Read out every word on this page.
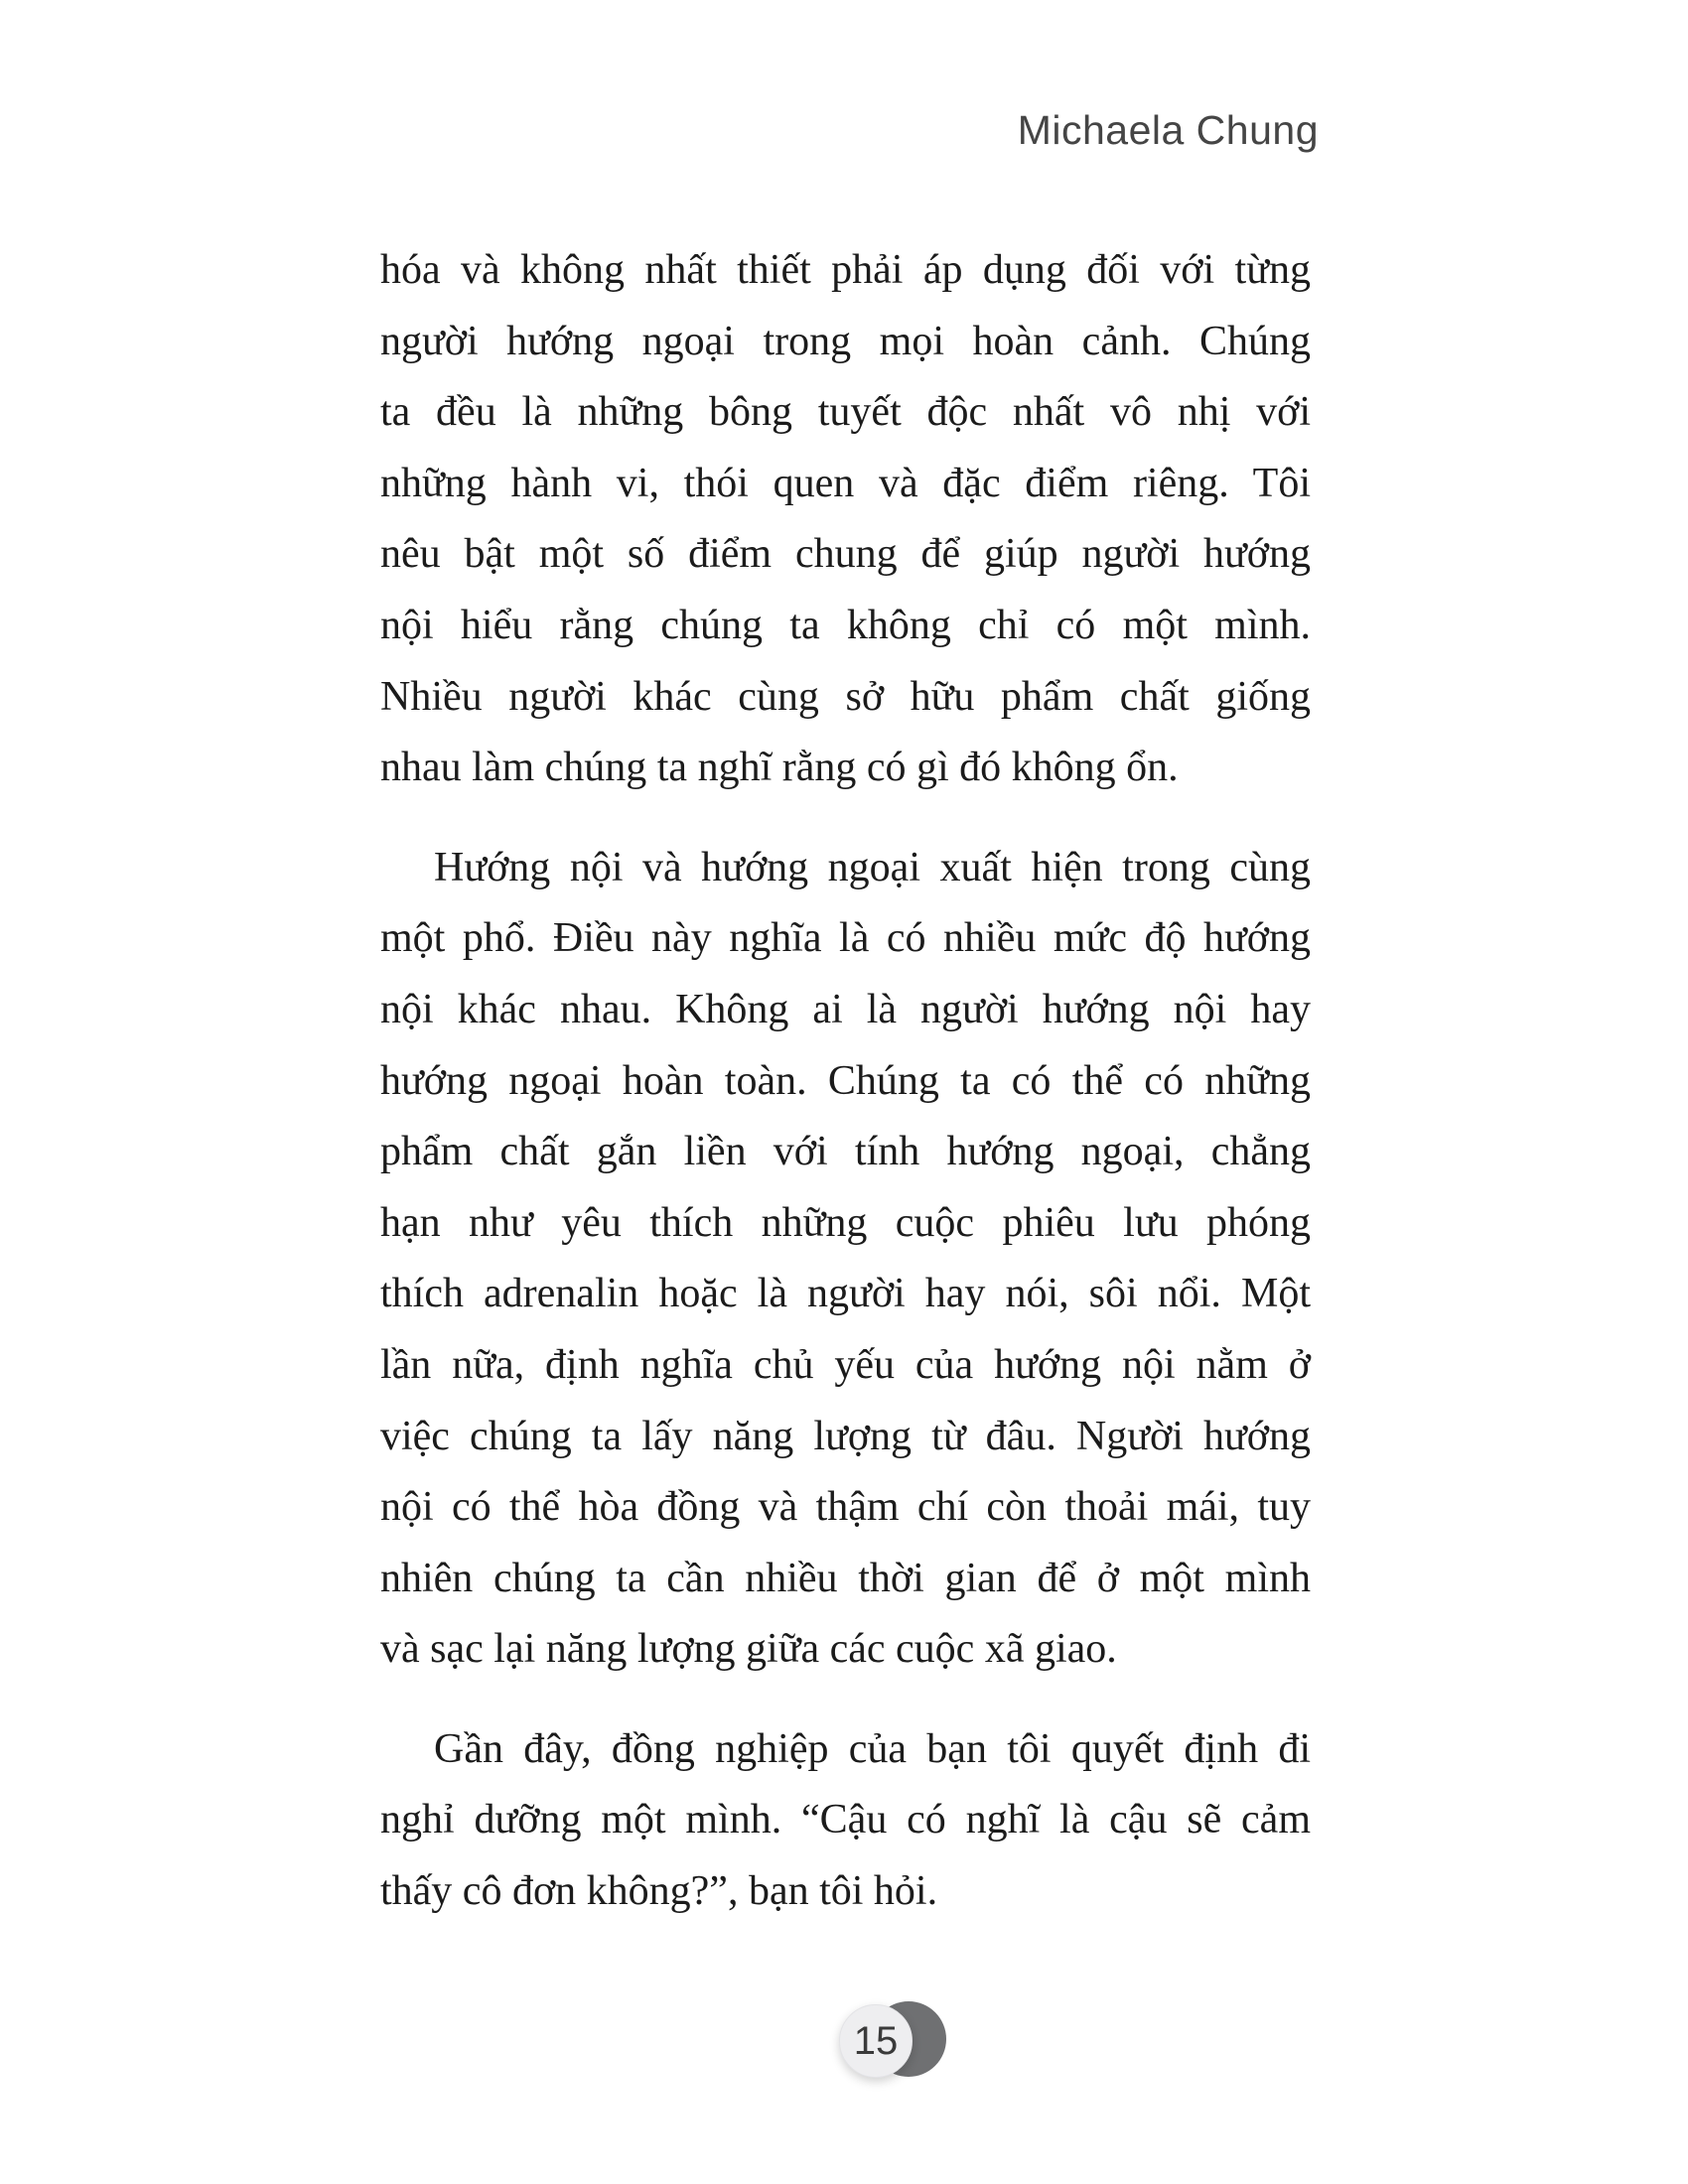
Michaela Chung
hóa và không nhất thiết phải áp dụng đối với từng
người hướng ngoại trong mọi hoàn cảnh. Chúng
ta đều là những bông tuyết độc nhất vô nhị với
những hành vi, thói quen và đặc điểm riêng. Tôi
nêu bật một số điểm chung để giúp người hướng
nội hiểu rằng chúng ta không chỉ có một mình.
Nhiều người khác cùng sở hữu phẩm chất giống
nhau làm chúng ta nghĩ rằng có gì đó không ổn.
Hướng nội và hướng ngoại xuất hiện trong cùng
một phổ. Điều này nghĩa là có nhiều mức độ hướng
nội khác nhau. Không ai là người hướng nội hay
hướng ngoại hoàn toàn. Chúng ta có thể có những
phẩm chất gắn liền với tính hướng ngoại, chẳng
hạn như yêu thích những cuộc phiêu lưu phóng
thích adrenalin hoặc là người hay nói, sôi nổi. Một
lần nữa, định nghĩa chủ yếu của hướng nội nằm ở
việc chúng ta lấy năng lượng từ đâu. Người hướng
nội có thể hòa đồng và thậm chí còn thoải mái, tuy
nhiên chúng ta cần nhiều thời gian để ở một mình
và sạc lại năng lượng giữa các cuộc xã giao.
Gần đây, đồng nghiệp của bạn tôi quyết định đi
nghỉ dưỡng một mình. “Cậu có nghĩ là cậu sẽ cảm
thấy cô đơn không?”, bạn tôi hỏi.
15
